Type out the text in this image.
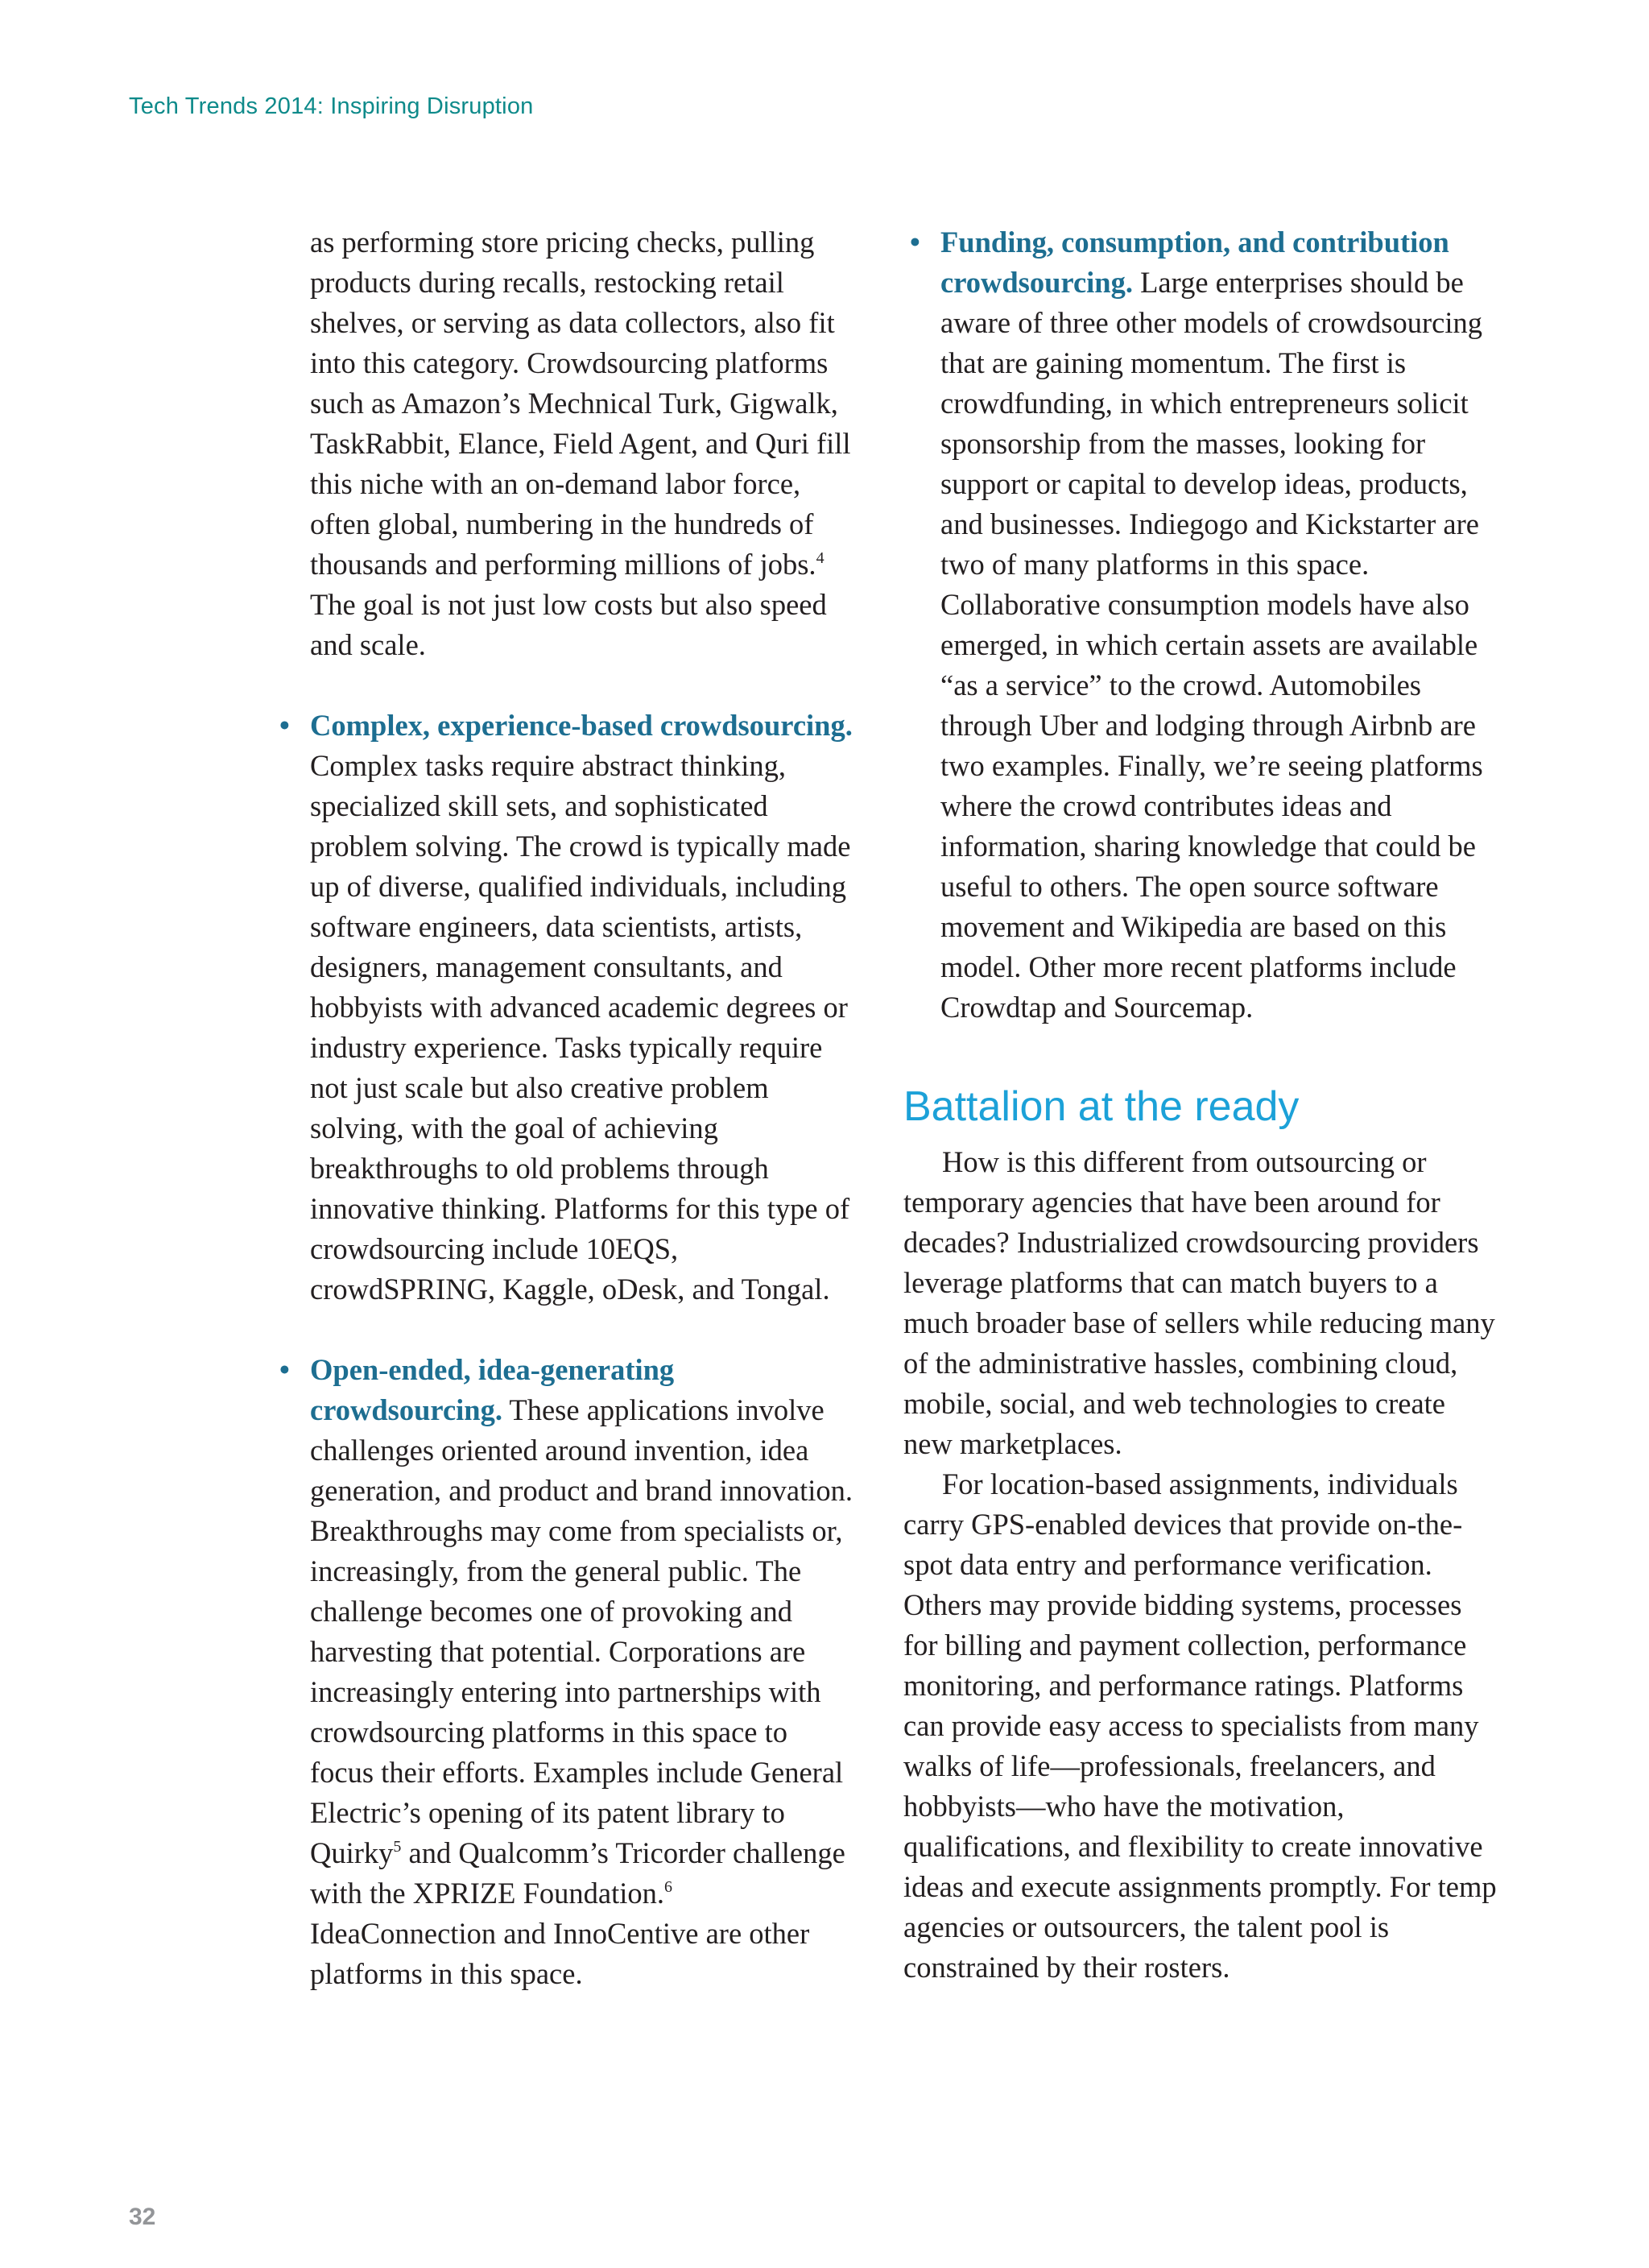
Tech Trends 2014: Inspiring Disruption

as performing store pricing checks, pulling products during recalls, restocking retail shelves, or serving as data collectors, also fit into this category. Crowdsourcing platforms such as Amazon’s Mechnical Turk, Gigwalk, TaskRabbit, Elance, Field Agent, and Quri fill this niche with an on-demand labor force, often global, numbering in the hundreds of thousands and performing millions of jobs.$^4$ The goal is not just low costs but also speed and scale.

• Complex, experience-based crowdsourcing. Complex tasks require abstract thinking, specialized skill sets, and sophisticated problem solving. The crowd is typically made up of diverse, qualified individuals, including software engineers, data scientists, artists, designers, management consultants, and hobbyists with advanced academic degrees or industry experience. Tasks typically require not just scale but also creative problem solving, with the goal of achieving breakthroughs to old problems through innovative thinking. Platforms for this type of crowdsourcing include 10EQS, crowdSPRING, Kaggle, oDesk, and Tongal.

• Open-ended, idea-generating crowdsourcing. These applications involve challenges oriented around invention, idea generation, and product and brand innovation. Breakthroughs may come from specialists or, increasingly, from the general public. The challenge becomes one of provoking and harvesting that potential. Corporations are increasingly entering into partnerships with crowdsourcing platforms in this space to focus their efforts. Examples include General Electric’s opening of its patent library to Quirky$^5$ and Qualcomm’s Tricorder challenge with the XPRIZE Foundation.$^6$ IdeaConnection and InnoCentive are other platforms in this space.

• Funding, consumption, and contribution crowdsourcing. Large enterprises should be aware of three other models of crowdsourcing that are gaining momentum. The first is crowdfunding, in which entrepreneurs solicit sponsorship from the masses, looking for support or capital to develop ideas, products, and businesses. Indiegogo and Kickstarter are two of many platforms in this space. Collaborative consumption models have also emerged, in which certain assets are available “as a service” to the crowd. Automobiles through Uber and lodging through Airbnb are two examples. Finally, we’re seeing platforms where the crowd contributes ideas and information, sharing knowledge that could be useful to others. The open source software movement and Wikipedia are based on this model. Other more recent platforms include Crowdtap and Sourcemap.

Battalion at the ready

How is this different from outsourcing or temporary agencies that have been around for decades? Industrialized crowdsourcing providers leverage platforms that can match buyers to a much broader base of sellers while reducing many of the administrative hassles, combining cloud, mobile, social, and web technologies to create new marketplaces.

For location-based assignments, individuals carry GPS-enabled devices that provide on-the-spot data entry and performance verification. Others may provide bidding systems, processes for billing and payment collection, performance monitoring, and performance ratings. Platforms can provide easy access to specialists from many walks of life—professionals, freelancers, and hobbyists—who have the motivation, qualifications, and flexibility to create innovative ideas and execute assignments promptly. For temp agencies or outsourcers, the talent pool is constrained by their rosters.

32
